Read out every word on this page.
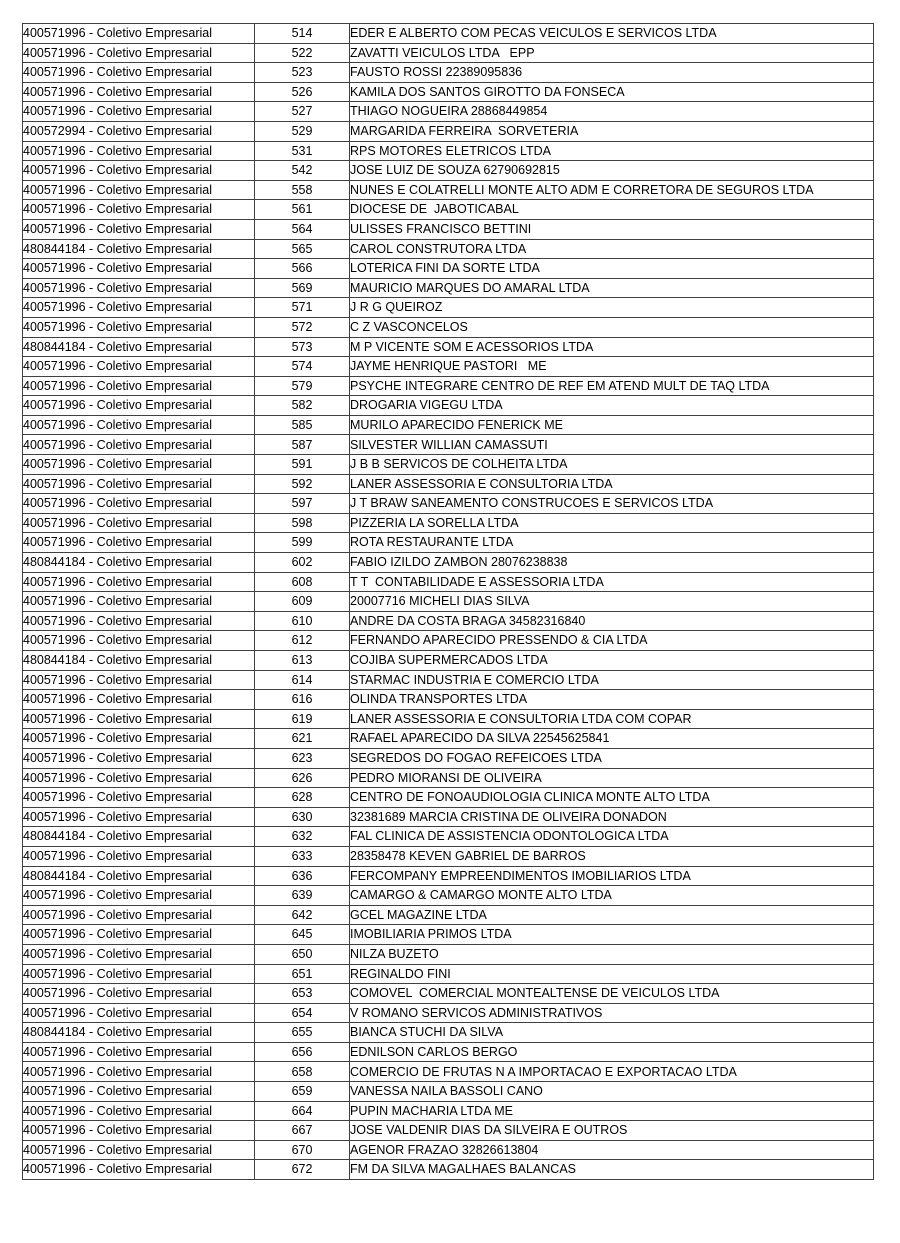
400571996 - Coletivo Empresarial	514	EDER E ALBERTO COM PECAS VEICULOS E SERVICOS LTDA
400571996 - Coletivo Empresarial	522	ZAVATTI VEICULOS LTDA   EPP
400571996 - Coletivo Empresarial	523	FAUSTO ROSSI 22389095836
400571996 - Coletivo Empresarial	526	KAMILA DOS SANTOS GIROTTO DA FONSECA
400571996 - Coletivo Empresarial	527	THIAGO NOGUEIRA 28868449854
400572994 - Coletivo Empresarial	529	MARGARIDA FERREIRA  SORVETERIA
400571996 - Coletivo Empresarial	531	RPS MOTORES ELETRICOS LTDA
400571996 - Coletivo Empresarial	542	JOSE LUIZ DE SOUZA 62790692815
400571996 - Coletivo Empresarial	558	NUNES E COLATRELLI MONTE ALTO ADM E CORRETORA DE SEGUROS LTDA
400571996 - Coletivo Empresarial	561	DIOCESE DE  JABOTICABAL
400571996 - Coletivo Empresarial	564	ULISSES FRANCISCO BETTINI
480844184 - Coletivo Empresarial	565	CAROL CONSTRUTORA LTDA
400571996 - Coletivo Empresarial	566	LOTERICA FINI DA SORTE LTDA
400571996 - Coletivo Empresarial	569	MAURICIO MARQUES DO AMARAL LTDA
400571996 - Coletivo Empresarial	571	J R G QUEIROZ
400571996 - Coletivo Empresarial	572	C Z VASCONCELOS
480844184 - Coletivo Empresarial	573	M P VICENTE SOM E ACESSORIOS LTDA
400571996 - Coletivo Empresarial	574	JAYME HENRIQUE PASTORI   ME
400571996 - Coletivo Empresarial	579	PSYCHE INTEGRARE CENTRO DE REF EM ATEND MULT DE TAQ LTDA
400571996 - Coletivo Empresarial	582	DROGARIA VIGEGU LTDA
400571996 - Coletivo Empresarial	585	MURILO APARECIDO FENERICK ME
400571996 - Coletivo Empresarial	587	SILVESTER WILLIAN CAMASSUTI
400571996 - Coletivo Empresarial	591	J B B SERVICOS DE COLHEITA LTDA
400571996 - Coletivo Empresarial	592	LANER ASSESSORIA E CONSULTORIA LTDA
400571996 - Coletivo Empresarial	597	J T BRAW SANEAMENTO CONSTRUCOES E SERVICOS LTDA
400571996 - Coletivo Empresarial	598	PIZZERIA LA SORELLA LTDA
400571996 - Coletivo Empresarial	599	ROTA RESTAURANTE LTDA
480844184 - Coletivo Empresarial	602	FABIO IZILDO ZAMBON 28076238838
400571996 - Coletivo Empresarial	608	T T  CONTABILIDADE E ASSESSORIA LTDA
400571996 - Coletivo Empresarial	609	20007716 MICHELI DIAS SILVA
400571996 - Coletivo Empresarial	610	ANDRE DA COSTA BRAGA 34582316840
400571996 - Coletivo Empresarial	612	FERNANDO APARECIDO PRESSENDO & CIA LTDA
480844184 - Coletivo Empresarial	613	COJIBA SUPERMERCADOS LTDA
400571996 - Coletivo Empresarial	614	STARMAC INDUSTRIA E COMERCIO LTDA
400571996 - Coletivo Empresarial	616	OLINDA TRANSPORTES LTDA
400571996 - Coletivo Empresarial	619	LANER ASSESSORIA E CONSULTORIA LTDA COM COPAR
400571996 - Coletivo Empresarial	621	RAFAEL APARECIDO DA SILVA 22545625841
400571996 - Coletivo Empresarial	623	SEGREDOS DO FOGAO REFEICOES LTDA
400571996 - Coletivo Empresarial	626	PEDRO MIORANSI DE OLIVEIRA
400571996 - Coletivo Empresarial	628	CENTRO DE FONOAUDIOLOGIA CLINICA MONTE ALTO LTDA
400571996 - Coletivo Empresarial	630	32381689 MARCIA CRISTINA DE OLIVEIRA DONADON
480844184 - Coletivo Empresarial	632	FAL CLINICA DE ASSISTENCIA ODONTOLOGICA LTDA
400571996 - Coletivo Empresarial	633	28358478 KEVEN GABRIEL DE BARROS
480844184 - Coletivo Empresarial	636	FERCOMPANY EMPREENDIMENTOS IMOBILIARIOS LTDA
400571996 - Coletivo Empresarial	639	CAMARGO & CAMARGO MONTE ALTO LTDA
400571996 - Coletivo Empresarial	642	GCEL MAGAZINE LTDA
400571996 - Coletivo Empresarial	645	IMOBILIARIA PRIMOS LTDA
400571996 - Coletivo Empresarial	650	NILZA BUZETO
400571996 - Coletivo Empresarial	651	REGINALDO FINI
400571996 - Coletivo Empresarial	653	COMOVEL  COMERCIAL MONTEALTENSE DE VEICULOS LTDA
400571996 - Coletivo Empresarial	654	V ROMANO SERVICOS ADMINISTRATIVOS
480844184 - Coletivo Empresarial	655	BIANCA STUCHI DA SILVA
400571996 - Coletivo Empresarial	656	EDNILSON CARLOS BERGO
400571996 - Coletivo Empresarial	658	COMERCIO DE FRUTAS N A IMPORTACAO E EXPORTACAO LTDA
400571996 - Coletivo Empresarial	659	VANESSA NAILA BASSOLI CANO
400571996 - Coletivo Empresarial	664	PUPIN MACHARIA LTDA ME
400571996 - Coletivo Empresarial	667	JOSE VALDENIR DIAS DA SILVEIRA E OUTROS
400571996 - Coletivo Empresarial	670	AGENOR FRAZAO 32826613804
400571996 - Coletivo Empresarial	672	FM DA SILVA MAGALHAES BALANCAS
